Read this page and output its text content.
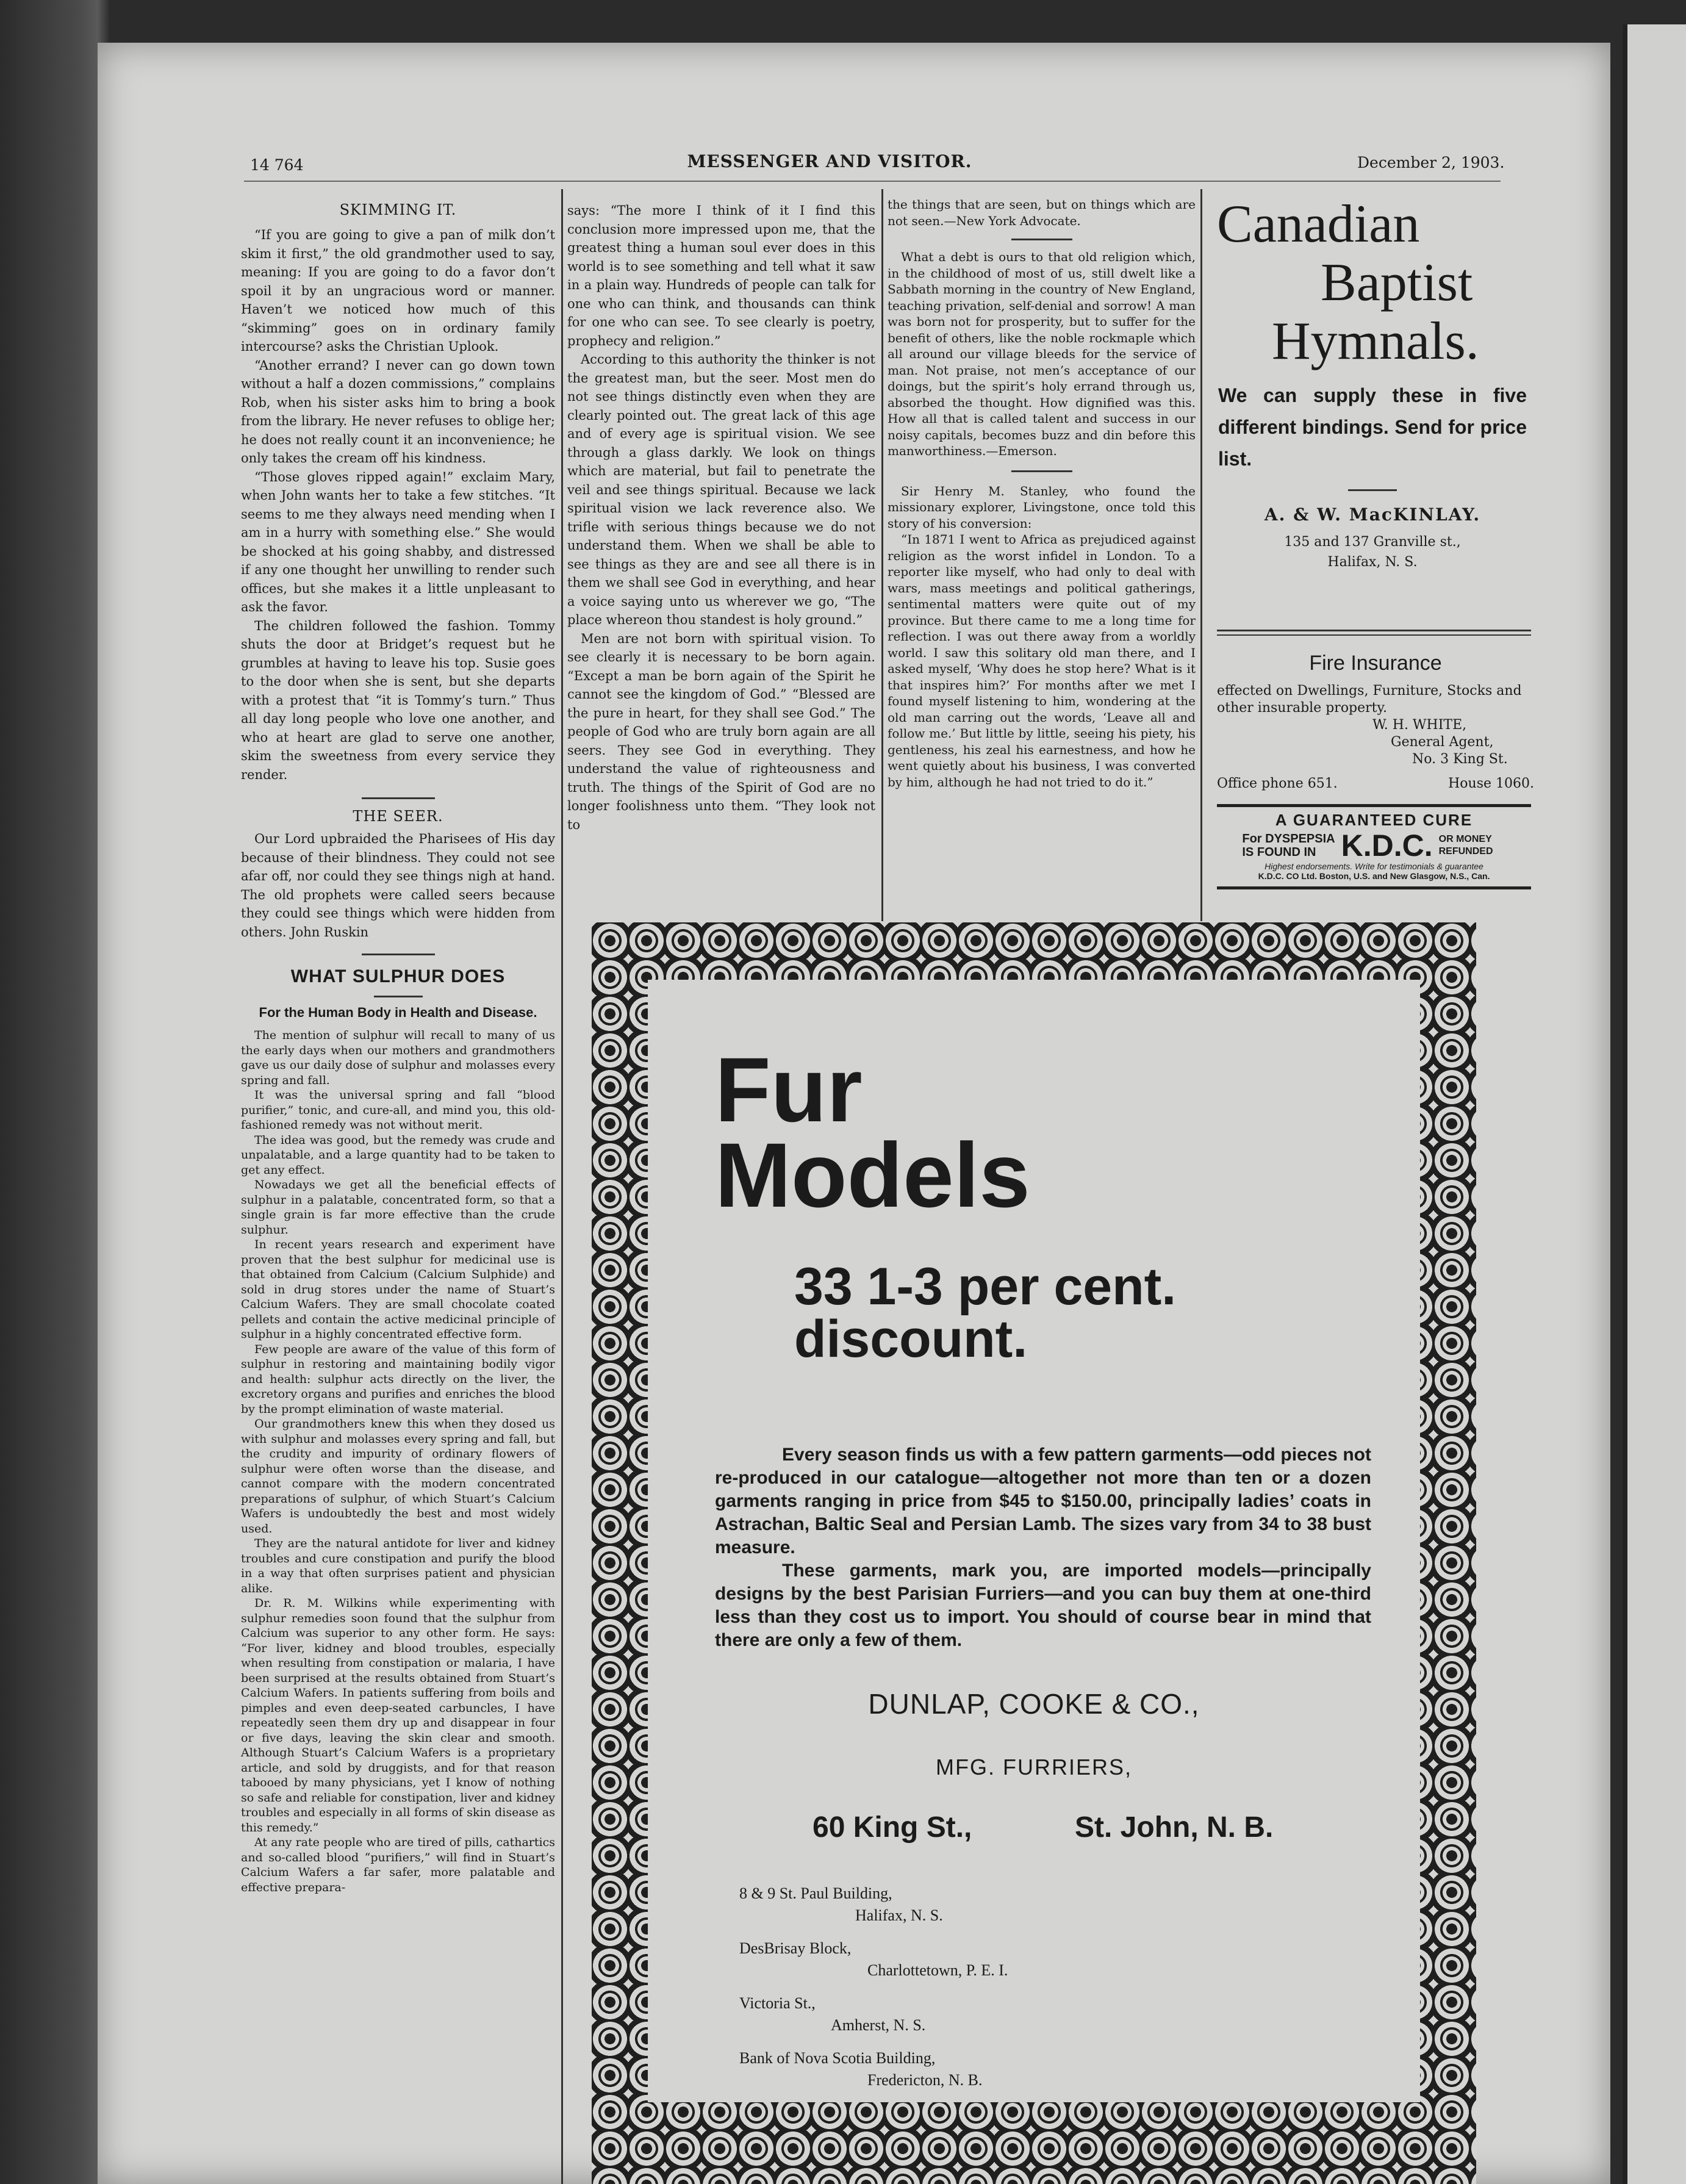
14 764	MESSENGER AND VISITOR.	December 2, 1903.
SKIMMING IT.

“If you are going to give a pan of milk don’t skim it first,” the old grandmother used to say, meaning: If you are going to do a favor don’t spoil it by an ungracious word or manner. Haven’t we noticed how much of this “skimming” goes on in ordinary family intercourse? asks the Christian Uplook.

“Another errand? I never can go down town without a half a dozen commissions,” complains Rob, when his sister asks him to bring a book from the library. He never refuses to oblige her; he does not really count it an inconvenience; he only takes the cream off his kindness.

“Those gloves ripped again!” exclaim Mary, when John wants her to take a few stitches. “It seems to me they always need mending when I am in a hurry with something else.” She would be shocked at his going shabby, and distressed if any one thought her unwilling to render such offices, but she makes it a little unpleasant to ask the favor.

The children followed the fashion. Tommy shuts the door at Bridget’s request but he grumbles at having to leave his top. Susie goes to the door when she is sent, but she departs with a protest that “it is Tommy’s turn.” Thus all day long people who love one another, and who at heart are glad to serve one another, skim the sweetness from every service they render.

THE SEER.

Our Lord upbraided the Pharisees of His day because of their blindness. They could not see afar off, nor could they see things nigh at hand. The old prophets were called seers because they could see things which were hidden from others. John Ruskin

WHAT SULPHUR DOES
For the Human Body in Health and Disease.

The mention of sulphur will recall to many of us the early days when our mothers and grandmothers gave us our daily dose of sulphur and molasses every spring and fall.

It was the universal spring and fall “blood purifier,” tonic, and cure-all, and mind you, this old-fashioned remedy was not without merit.

The idea was good, but the remedy was crude and unpalatable, and a large quantity had to be taken to get any effect.

Nowadays we get all the beneficial effects of sulphur in a palatable, concentrated form, so that a single grain is far more effective than the crude sulphur.

In recent years research and experiment have proven that the best sulphur for medicinal use is that obtained from Calcium (Calcium Sulphide) and sold in drug stores under the name of Stuart’s Calcium Wafers. They are small chocolate coated pellets and contain the active medicinal principle of sulphur in a highly concentrated effective form.

Few people are aware of the value of this form of sulphur in restoring and maintaining bodily vigor and health: sulphur acts directly on the liver, the excretory organs and purifies and enriches the blood by the prompt elimination of waste material.

Our grandmothers knew this when they dosed us with sulphur and molasses every spring and fall, but the crudity and impurity of ordinary flowers of sulphur were often worse than the disease, and cannot compare with the modern concentrated preparations of sulphur, of which Stuart’s Calcium Wafers is undoubtedly the best and most widely used.

They are the natural antidote for liver and kidney troubles and cure constipation and purify the blood in a way that often surprises patient and physician alike.

Dr. R. M. Wilkins while experimenting with sulphur remedies soon found that the sulphur from Calcium was superior to any other form. He says: “For liver, kidney and blood troubles, especially when resulting from constipation or malaria, I have been surprised at the results obtained from Stuart’s Calcium Wafers. In patients suffering from boils and pimples and even deep-seated carbuncles, I have repeatedly seen them dry up and disappear in four or five days, leaving the skin clear and smooth. Although Stuart’s Calcium Wafers is a proprietary article, and sold by druggists, and for that reason tabooed by many physicians, yet I know of nothing so safe and reliable for constipation, liver and kidney troubles and especially in all forms of skin disease as this remedy.”

At any rate people who are tired of pills, cathartics and so-called blood “purifiers,” will find in Stuart’s Calcium Wafers a far safer, more palatable and effective prepara-

says: “The more I think of it I find this conclusion more impressed upon me, that the greatest thing a human soul ever does in this world is to see something and tell what it saw in a plain way. Hundreds of people can talk for one who can think, and thousands can think for one who can see. To see clearly is poetry, prophecy and religion.”

According to this authority the thinker is not the greatest man, but the seer. Most men do not see things distinctly even when they are clearly pointed out. The great lack of this age and of every age is spiritual vision. We see through a glass darkly. We look on things which are material, but fail to penetrate the veil and see things spiritual. Because we lack spiritual vision we lack reverence also. We trifle with serious things because we do not understand them. When we shall be able to see things as they are and see all there is in them we shall see God in everything, and hear a voice saying unto us wherever we go, “The place whereon thou standest is holy ground.”

Men are not born with spiritual vision. To see clearly it is necessary to be born again. “Except a man be born again of the Spirit he cannot see the kingdom of God.” “Blessed are the pure in heart, for they shall see God.” The people of God who are truly born again are all seers. They see God in everything. They understand the value of righteousness and truth. The things of the Spirit of God are no longer foolishness unto them. “They look not to

the things that are seen, but on things which are not seen.—New York Advocate.

What a debt is ours to that old religion which, in the childhood of most of us, still dwelt like a Sabbath morning in the country of New England, teaching privation, self-denial and sorrow! A man was born not for prosperity, but to suffer for the benefit of others, like the noble rockmaple which all around our village bleeds for the service of man. Not praise, not men’s acceptance of our doings, but the spirit’s holy errand through us, absorbed the thought. How dignified was this. How all that is called talent and success in our noisy capitals, becomes buzz and din before this manworthiness.—Emerson.

Sir Henry M. Stanley, who found the missionary explorer, Livingstone, once told this story of his conversion:

“In 1871 I went to Africa as prejudiced against religion as the worst infidel in London. To a reporter like myself, who had only to deal with wars, mass meetings and political gatherings, sentimental matters were quite out of my province. But there came to me a long time for reflection. I was out there away from a worldly world. I saw this solitary old man there, and I asked myself, ‘Why does he stop here? What is it that inspires him?’ For months after we met I found myself listening to him, wondering at the old man carring out the words, ‘Leave all and follow me.’ But little by little, seeing his piety, his gentleness, his zeal his earnestness, and how he went quietly about his business, I was converted by him, although he had not tried to do it.”

Canadian
Baptist
Hymnals.
We can supply these in five different bindings. Send for price list.
A. & W. MacKINLAY.
135 and 137 Granville st.,
Halifax, N. S.
Fire Insurance
effected on Dwellings, Furniture, Stocks and other insurable property.
W. H. WHITE,
General Agent,
No. 3 King St.
Office phone 651.	House 1060.
A GUARANTEED CURE
For DYSPEPSIA
IS FOUND IN K.D.C. OR MONEY REFUNDED
Highest endorsements. Write for testimonials & guarantee
K.D.C. CO Ltd. Boston, U.S. and New Glasgow, N.S., Can.
Fur
Models
33 1-3 per cent.
discount.

Every season finds us with a few pattern garments—odd pieces not re-produced in our catalogue—altogether not more than ten or a dozen garments ranging in price from $45 to $150.00, principally ladies’ coats in Astrachan, Baltic Seal and Persian Lamb. The sizes vary from 34 to 38 bust measure.

These garments, mark you, are imported models—principally designs by the best Parisian Furriers—and you can buy them at one-third less than they cost us to import. You should of course bear in mind that there are only a few of them.

DUNLAP, COOKE & CO.,
MFG. FURRIERS,
60 King St.,	St. John, N. B.
8 & 9 St. Paul Building,
Halifax, N. S.
DesBrisay Block,
Charlottetown, P. E. I.
Victoria St.,
Amherst, N. S.
Bank of Nova Scotia Building,
Fredericton, N. B.
